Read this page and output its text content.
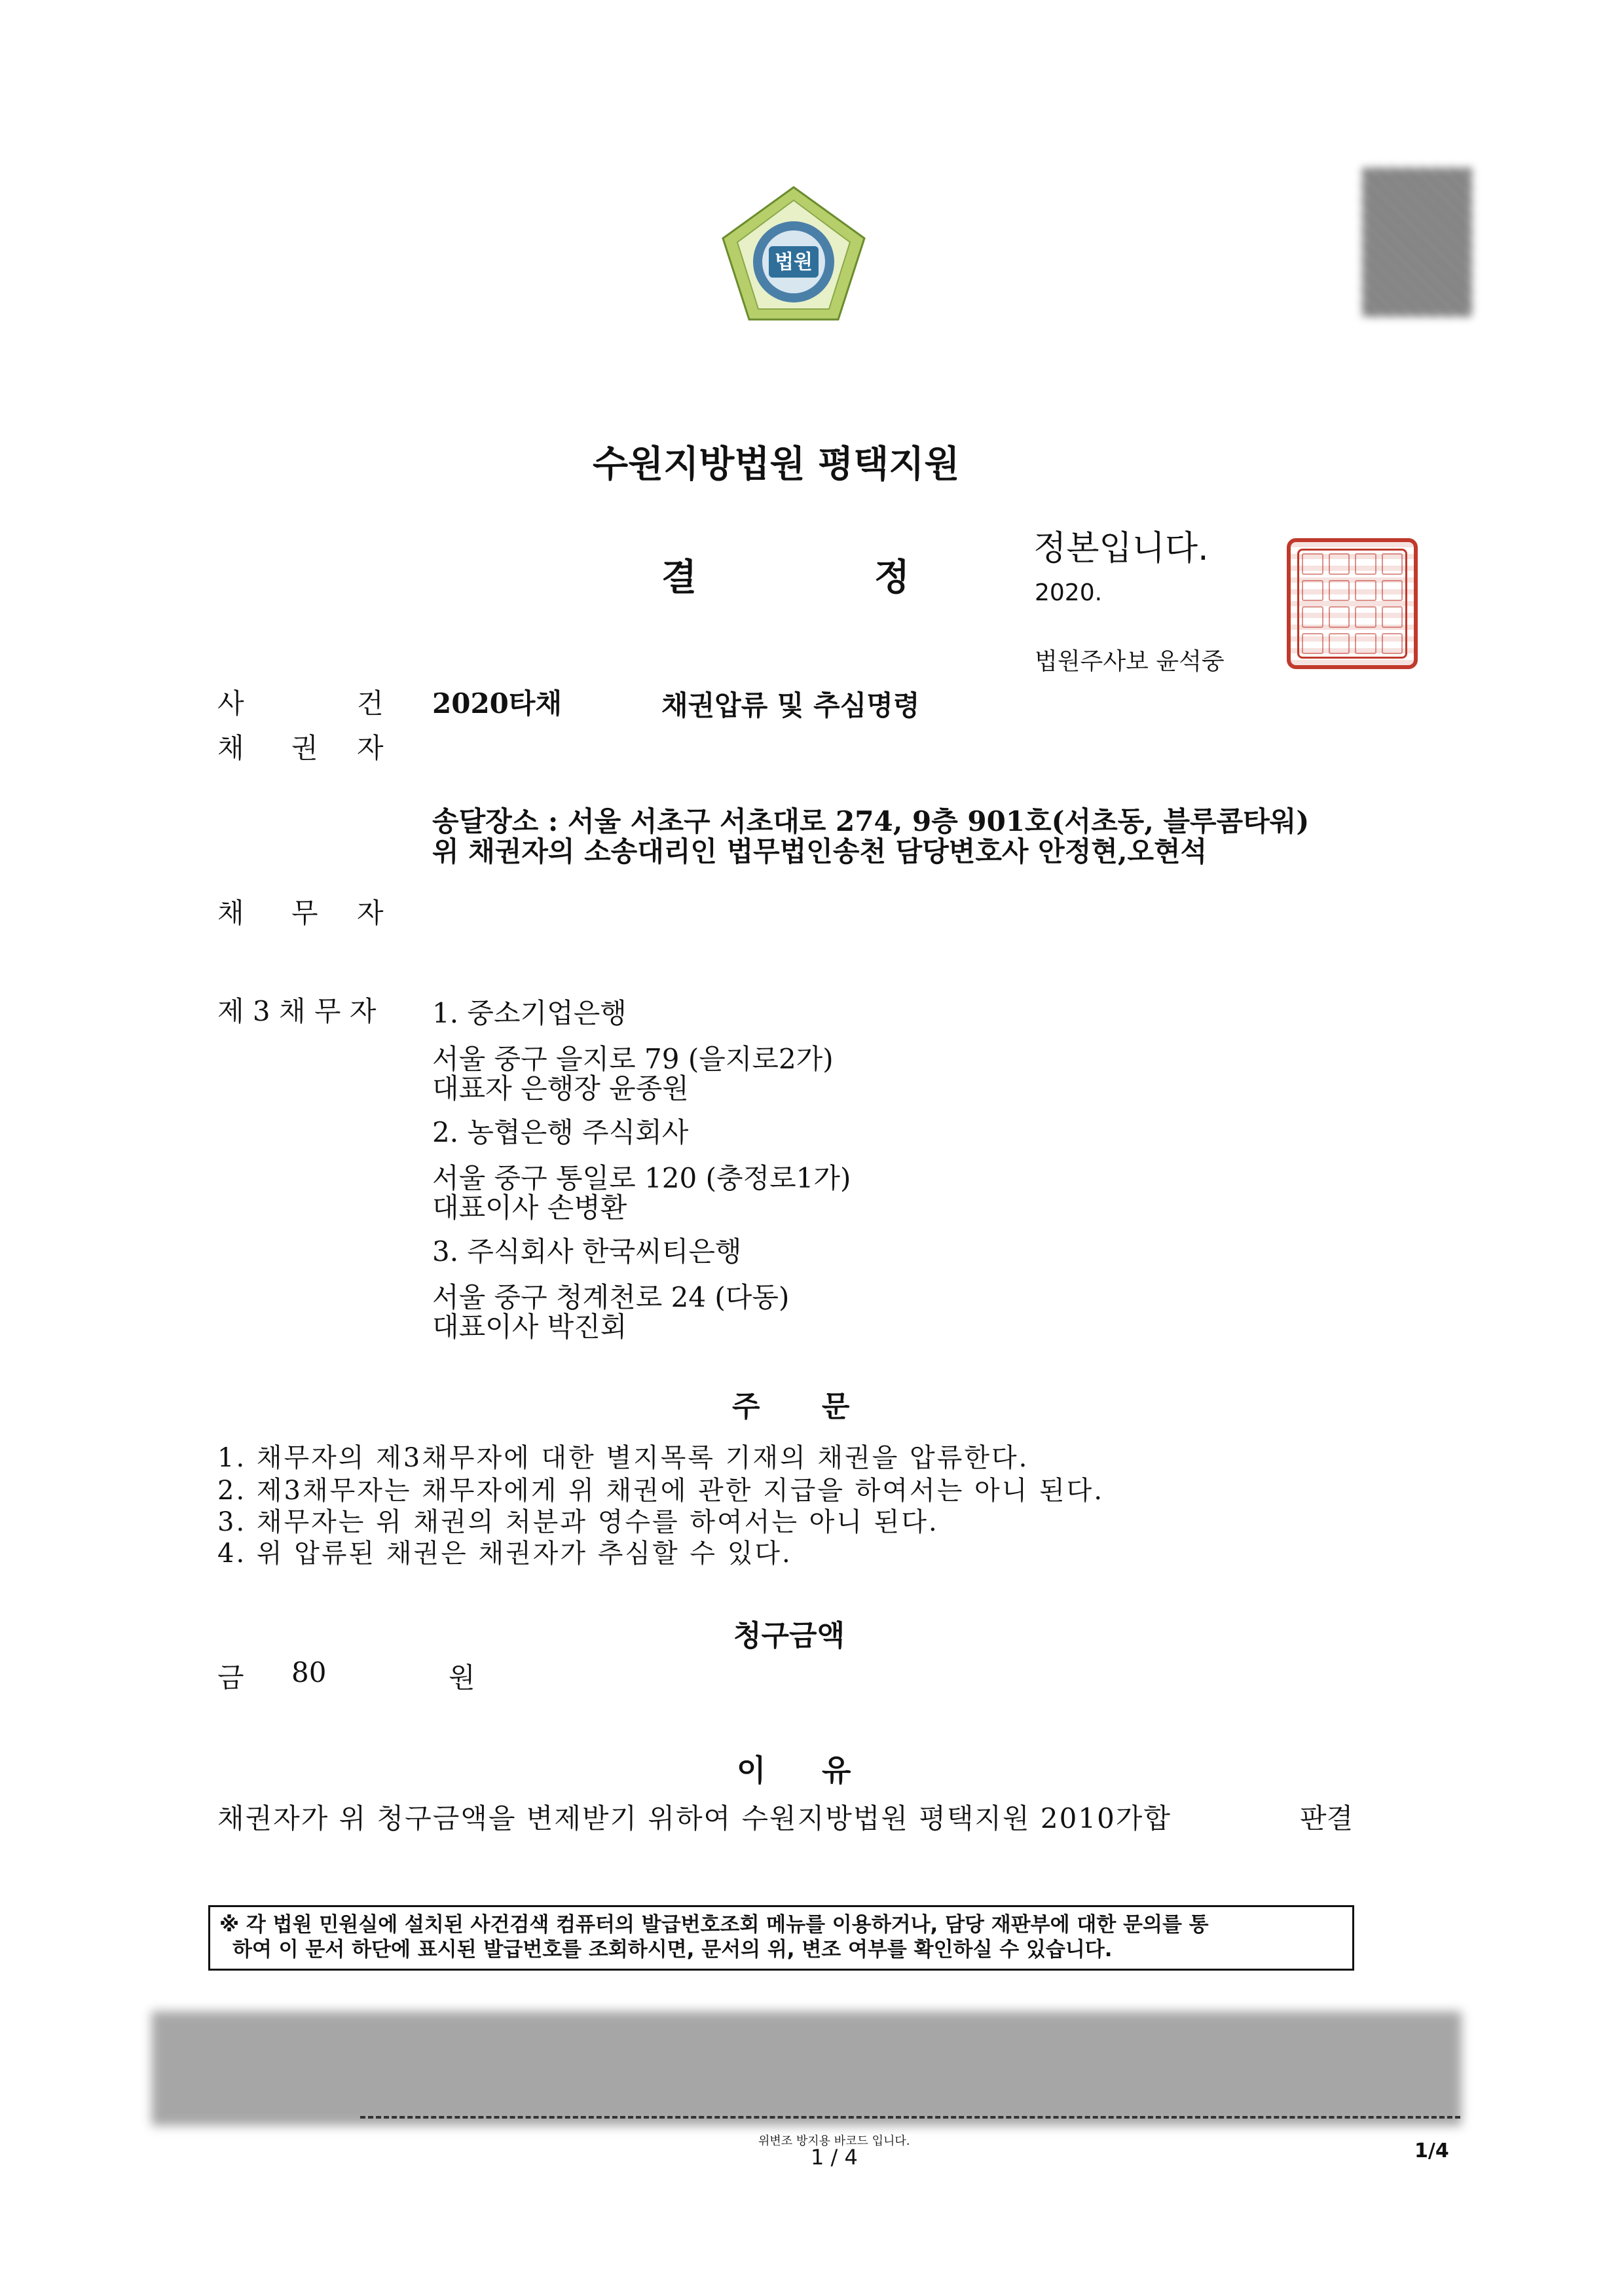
법원
수원지방법원 평택지원
결	정
정본입니다.
2020.
법원주사보 윤석중
사	건 2020타채	채권압류 및 추심명령
채 권 자
송달장소 : 서울 서초구 서초대로 274, 9층 901호(서초동, 블루콤타워)
위 채권자의 소송대리인 법무법인송천 담당변호사 안정현,오현석
채 무 자
제 3 채 무 자 1. 중소기업은행
서울 중구 을지로 79 (을지로2가)
대표자 은행장 윤종원
2. 농협은행 주식회사
서울 중구 통일로 120 (충정로1가)
대표이사 손병환
3. 주식회사 한국씨티은행
서울 중구 청계천로 24 (다동)
대표이사 박진회
주 문
1. 채무자의 제3채무자에 대한 별지목록 기재의 채권을 압류한다.
2. 제3채무자는 채무자에게 위 채권에 관한 지급을 하여서는 아니 된다.
3. 채무자는 위 채권의 처분과 영수를 하여서는 아니 된다.
4. 위 압류된 채권은 채권자가 추심할 수 있다.
청구금액
금 80	원
이 유
채권자가 위 청구금액을 변제받기 위하여 수원지방법원 평택지원 2010가합	판결
※ 각 법원 민원실에 설치된 사건검색 컴퓨터의 발급번호조회 메뉴를 이용하거나, 담당 재판부에 대한 문의를 통
하여 이 문서 하단에 표시된 발급번호를 조회하시면, 문서의 위, 변조 여부를 확인하실 수 있습니다.
위변조 방지용 바코드 입니다.
1 / 4	1/4
